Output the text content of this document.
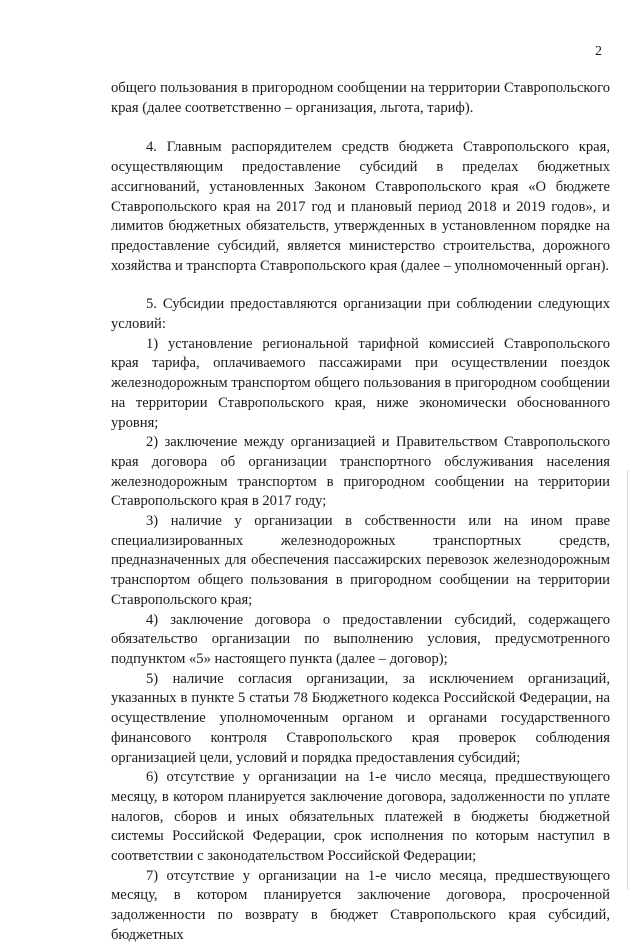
2

общего пользования в пригородном сообщении на территории Ставропольского края (далее соответственно – организация, льгота, тариф).

4. Главным распорядителем средств бюджета Ставропольского края, осуществляющим предоставление субсидий в пределах бюджетных ассигнований, установленных Законом Ставропольского края «О бюджете Ставропольского края на 2017 год и плановый период 2018 и 2019 годов», и лимитов бюджетных обязательств, утвержденных в установленном порядке на предоставление субсидий, является министерство строительства, дорожного хозяйства и транспорта Ставропольского края (далее – уполномоченный орган).

5. Субсидии предоставляются организации при соблюдении следующих условий:

1) установление региональной тарифной комиссией Ставропольского края тарифа, оплачиваемого пассажирами при осуществлении поездок железнодорожным транспортом общего пользования в пригородном сообщении на территории Ставропольского края, ниже экономически обоснованного уровня;

2) заключение между организацией и Правительством Ставропольского края договора об организации транспортного обслуживания населения железнодорожным транспортом в пригородном сообщении на территории Ставропольского края в 2017 году;

3) наличие у организации в собственности или на ином праве специализированных железнодорожных транспортных средств, предназначенных для обеспечения пассажирских перевозок железнодорожным транспортом общего пользования в пригородном сообщении на территории Ставропольского края;

4) заключение договора о предоставлении субсидий, содержащего обязательство организации по выполнению условия, предусмотренного подпунктом «5» настоящего пункта (далее – договор);

5) наличие согласия организации, за исключением организаций, указанных в пункте 5 статьи 78 Бюджетного кодекса Российской Федерации, на осуществление уполномоченным органом и органами государственного финансового контроля Ставропольского края проверок соблюдения организацией цели, условий и порядка предоставления субсидий;

6) отсутствие у организации на 1-е число месяца, предшествующего месяцу, в котором планируется заключение договора, задолженности по уплате налогов, сборов и иных обязательных платежей в бюджеты бюджетной системы Российской Федерации, срок исполнения по которым наступил в соответствии с законодательством Российской Федерации;

7) отсутствие у организации на 1-е число месяца, предшествующего месяцу, в котором планируется заключение договора, просроченной задолженности по возврату в бюджет Ставропольского края субсидий, бюджетных
